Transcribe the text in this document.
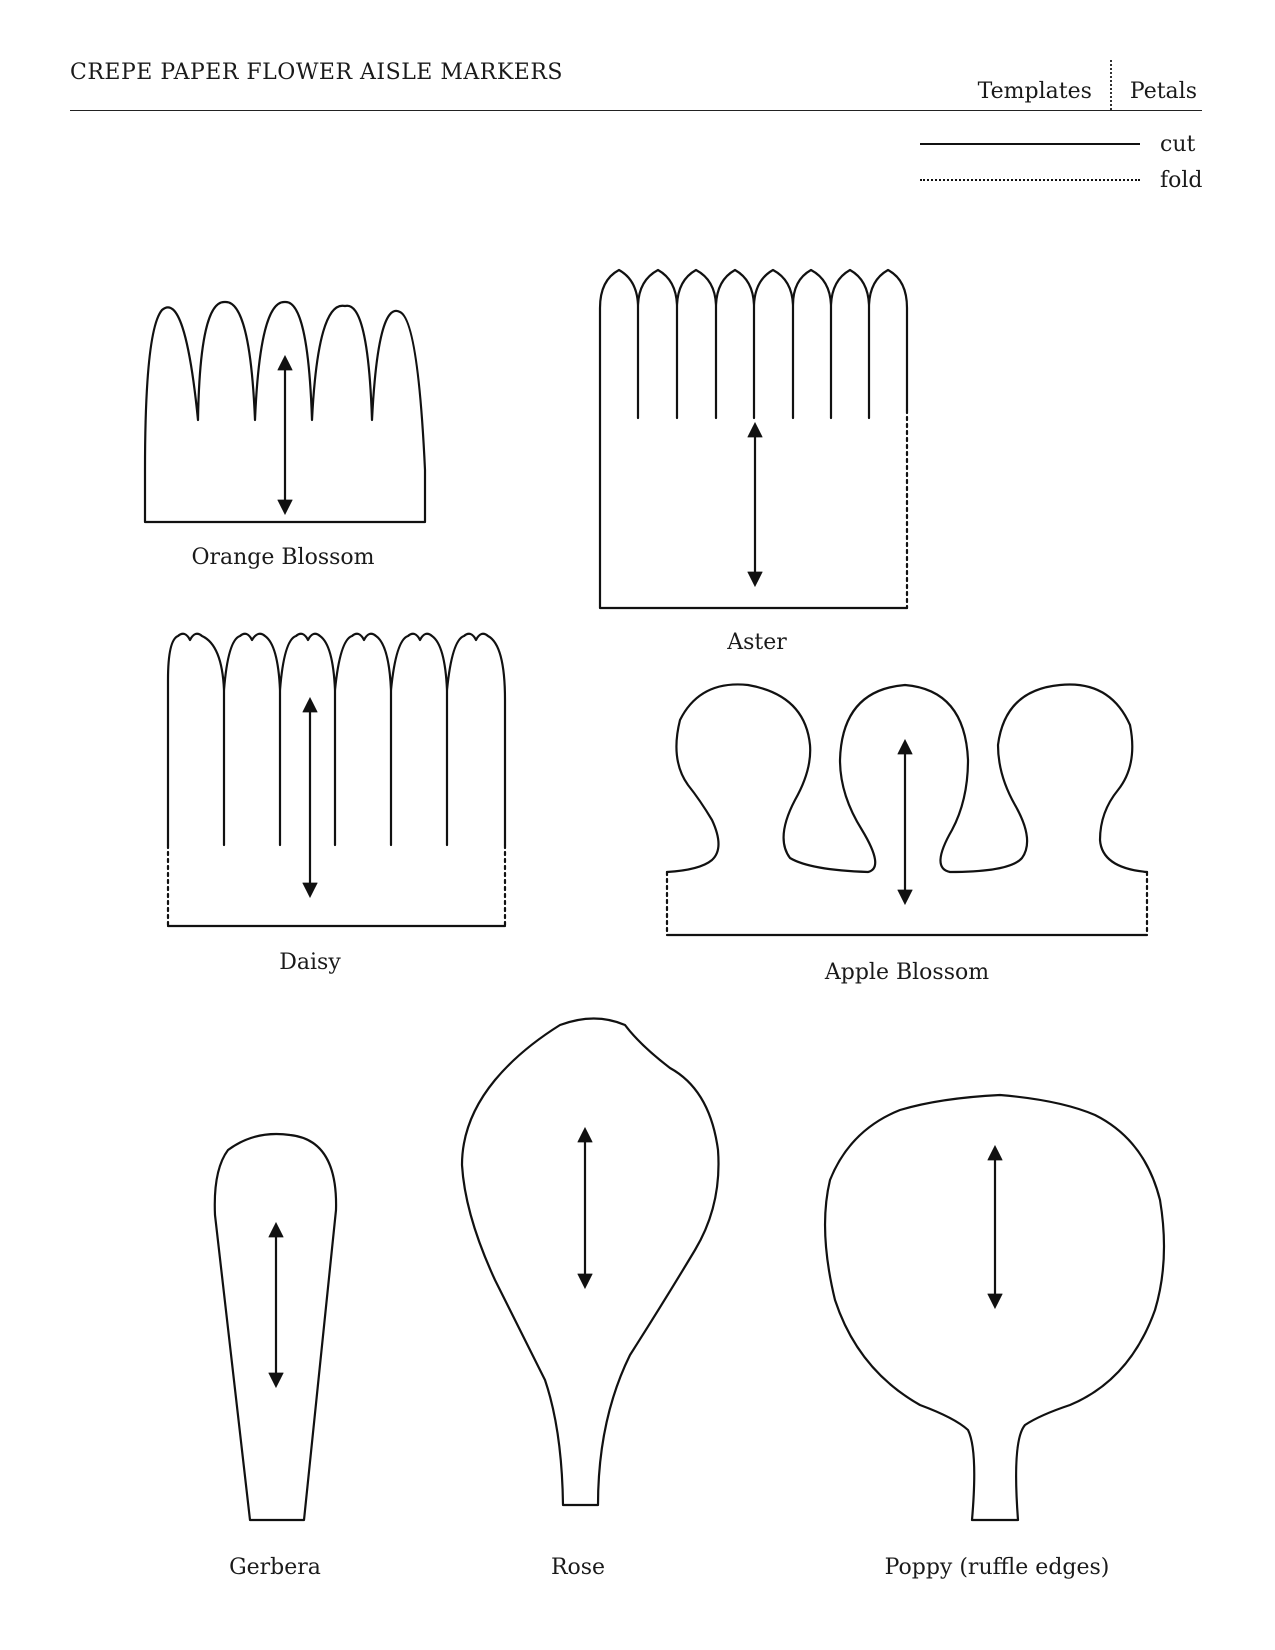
CREPE PAPER FLOWER AISLE MARKERS
Templates Petals
cut
fold
Orange Blossom
Aster
Daisy	Apple Blossom
Gerbera	Rose	Poppy (ruffle edges)
